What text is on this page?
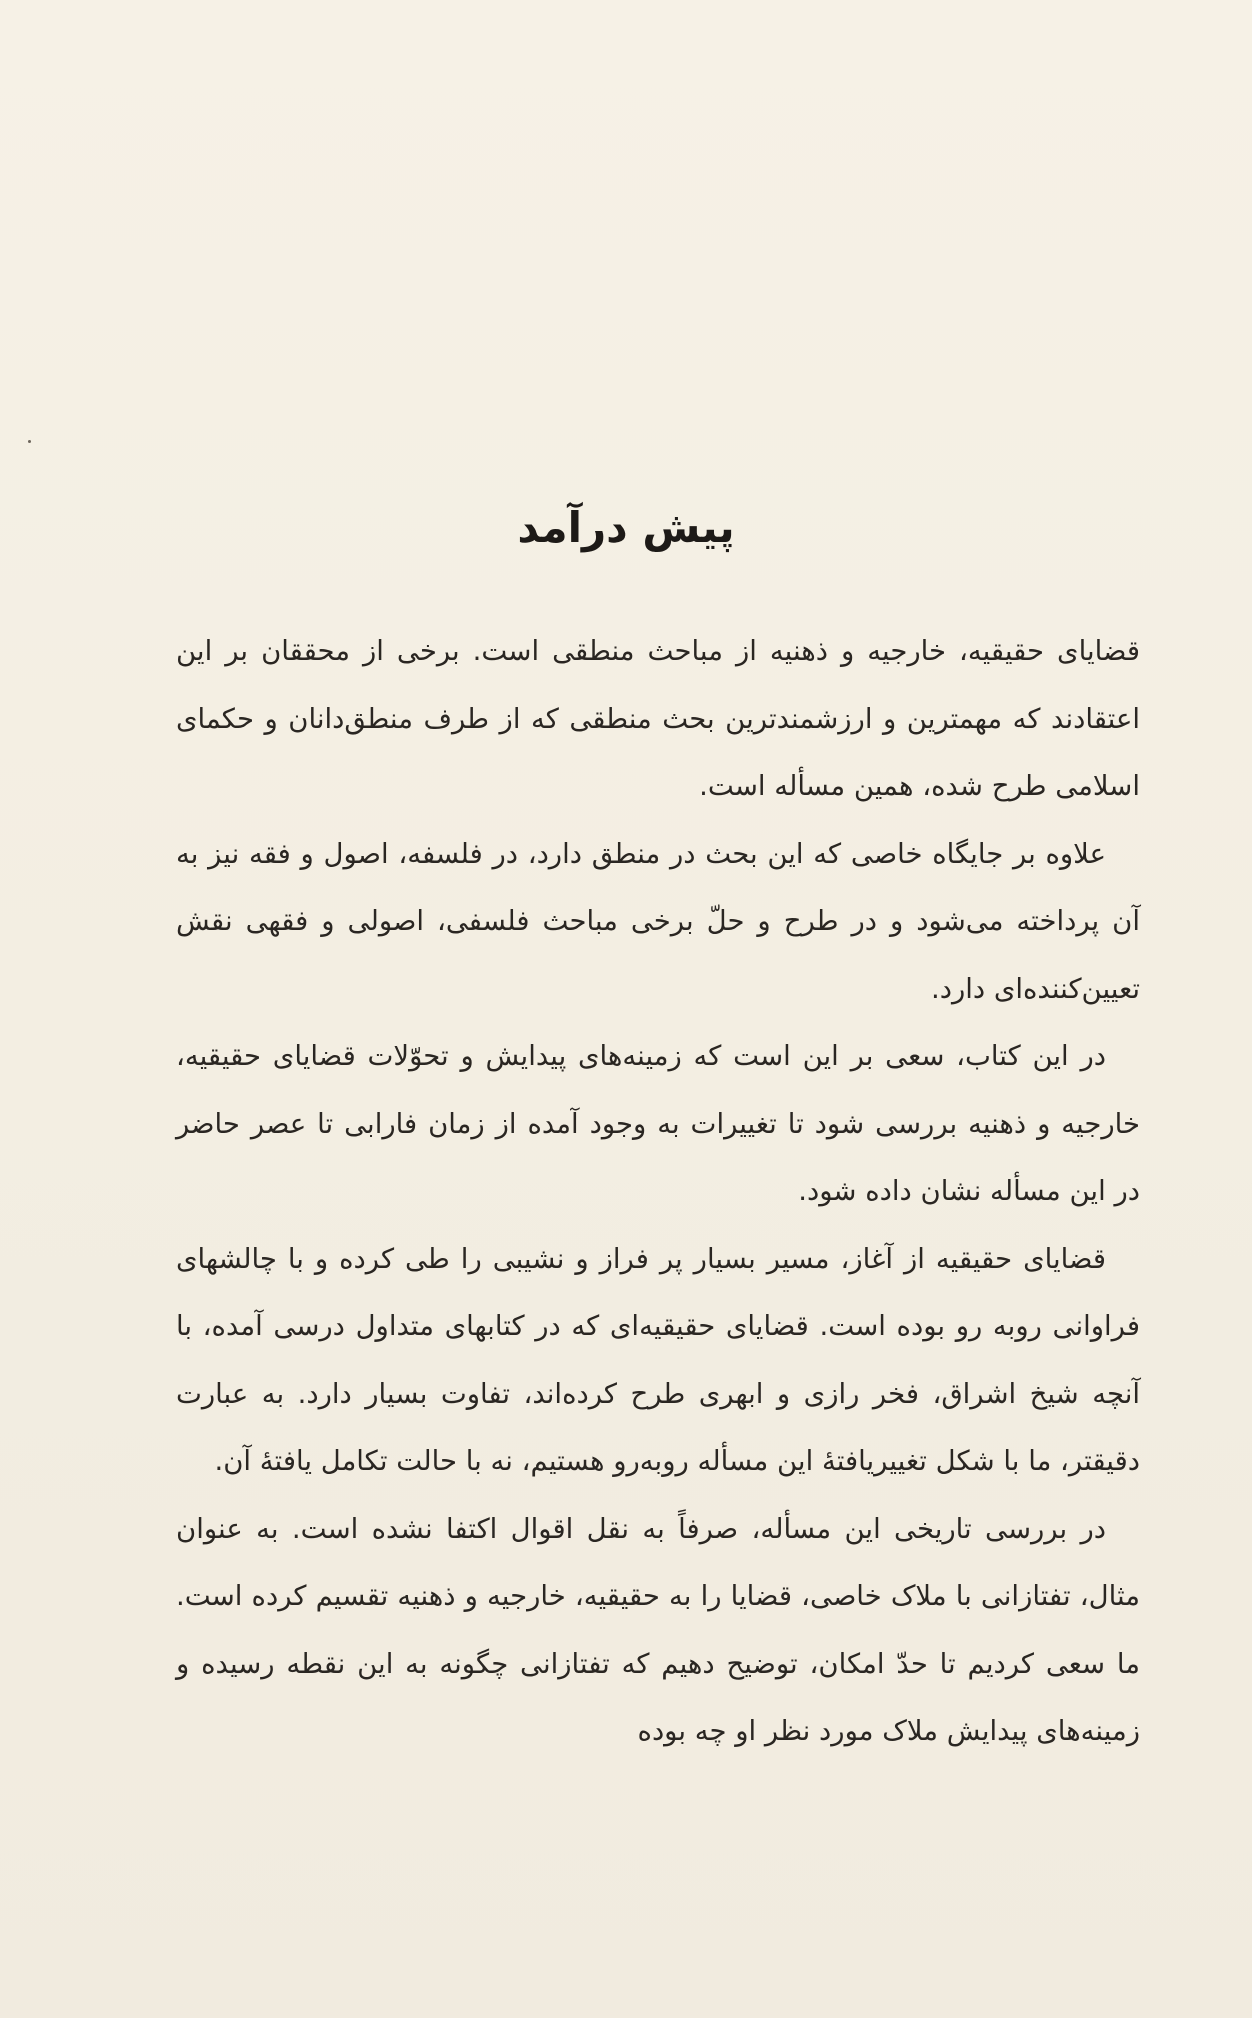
پیش درآمد

قضایای حقیقیه، خارجیه و ذهنیه از مباحث منطقی است. برخی از محققان بر این اعتقادند که مهمترین و ارزشمندترین بحث منطقی که از طرف منطق‌دانان و حکمای اسلامی طرح شده، همین مسأله است.

علاوه بر جایگاه خاصی که این بحث در منطق دارد، در فلسفه، اصول و فقه نیز به آن پرداخته می‌شود و در طرح و حلّ برخی مباحث فلسفی، اصولی و فقهی نقش تعیین‌کننده‌ای دارد.

در این کتاب، سعی بر این است که زمینه‌های پیدایش و تحوّلات قضایای حقیقیه، خارجیه و ذهنیه بررسی شود تا تغییرات به وجود آمده از زمان فارابی تا عصر حاضر در این مسأله نشان داده شود.

قضایای حقیقیه از آغاز، مسیر بسیار پر فراز و نشیبی را طی کرده و با چالشهای فراوانی روبه رو بوده است. قضایای حقیقیه‌ای که در کتابهای متداول درسی آمده، با آنچه شیخ اشراق، فخر رازی و ابهری طرح کرده‌اند، تفاوت بسیار دارد. به عبارت دقیقتر، ما با شکل تغییریافتهٔ این مسأله روبه‌رو هستیم، نه با حالت تکامل یافتهٔ آن.

در بررسی تاریخی این مسأله، صرفاً به نقل اقوال اکتفا نشده است. به عنوان مثال، تفتازانی با ملاک خاصی، قضایا را به حقیقیه، خارجیه و ذهنیه تقسیم کرده است. ما سعی کردیم تا حدّ امکان، توضیح دهیم که تفتازانی چگونه به این نقطه رسیده و زمینه‌های پیدایش ملاک مورد نظر او چه بوده
